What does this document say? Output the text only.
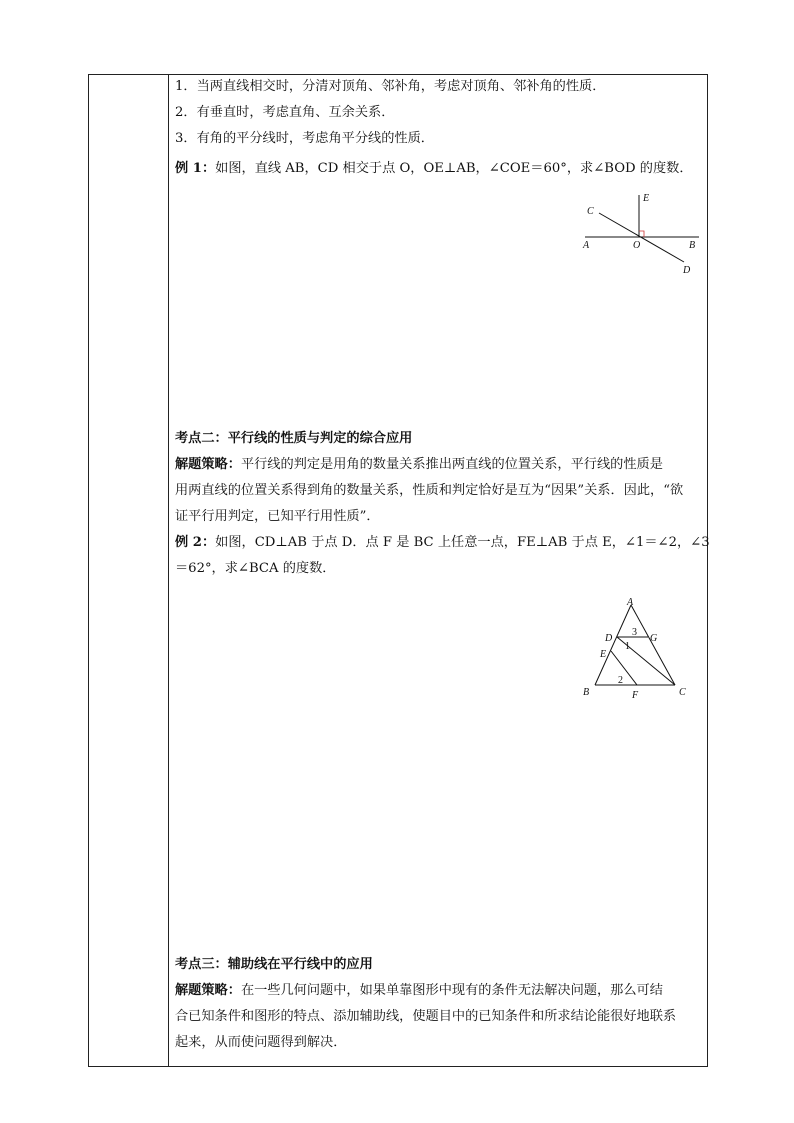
1．当两直线相交时，分清对顶角、邻补角，考虑对顶角、邻补角的性质．
2．有垂直时，考虑直角、互余关系．
3．有角的平分线时，考虑角平分线的性质．
例 1：如图，直线 AB，CD 相交于点 O，OE⊥AB，∠COE＝60°，求∠BOD 的度数．
C
E
A	O	B
D
考点二：平行线的性质与判定的综合应用
解题策略：平行线的判定是用角的数量关系推出两直线的位置关系，平行线的性质是
用两直线的位置关系得到角的数量关系，性质和判定恰好是互为“因果”关系．因此，“欲
证平行用判定，已知平行用性质”．
例 2：如图，CD⊥AB 于点 D．点 F 是 BC 上任意一点，FE⊥AB 于点 E，∠1＝∠2，∠3
＝62°，求∠BCA 的度数．
A
D	G
E
B	F	C
1
2
3
考点三：辅助线在平行线中的应用
解题策略：在一些几何问题中，如果单靠图形中现有的条件无法解决问题，那么可结
合已知条件和图形的特点、添加辅助线，使题目中的已知条件和所求结论能很好地联系
起来，从而使问题得到解决．
